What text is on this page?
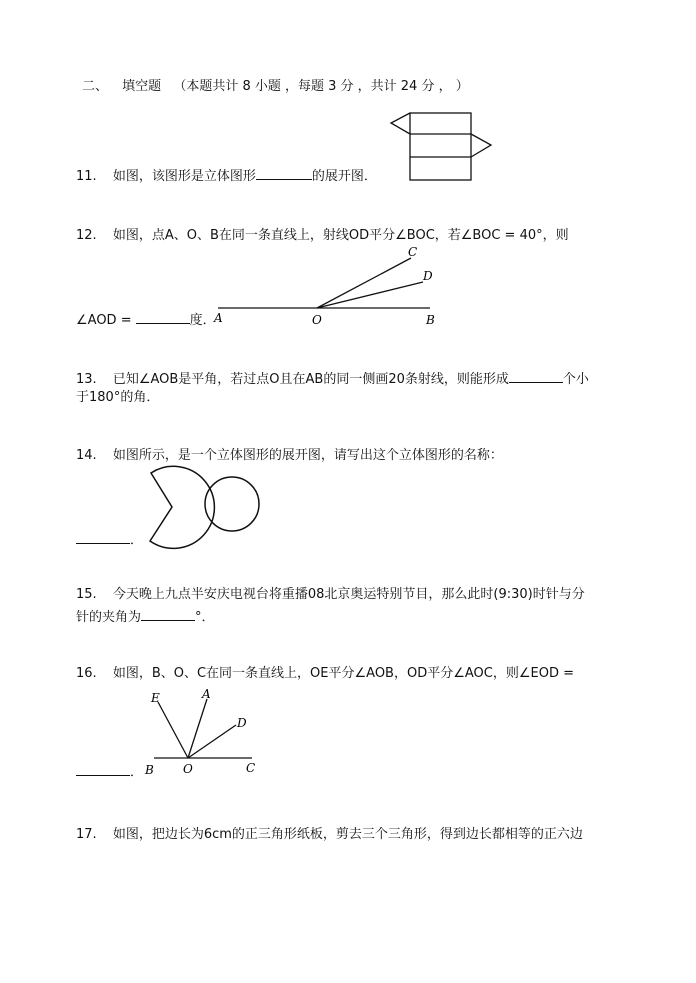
二、 填空题 （本题共计 8 小题 ，每题 3 分 ，共计 24 分 ， ）
11. 如图，该图形是立体图形	的展开图．
12. 如图，点A、O、B在同一条直线上，射线OD平分∠BOC，若∠BOC = 40°，则
A	O	B
C
D
∠AOD =	度．
13. 已知∠AOB是平角，若过点O且在AB的同一侧画20条射线，则能形成	个小
于180°的角．
14. 如图所示，是一个立体图形的展开图，请写出这个立体图形的名称：
．
15. 今天晚上九点半安庆电视台将重播08北京奥运特别节目，那么此时(9:30)时针与分
针的夹角为	°．
16. 如图，B、O、C在同一条直线上，OE平分∠AOB，OD平分∠AOC，则∠EOD =
E	A
D
B O	C
．
17. 如图，把边长为6cm的正三角形纸板，剪去三个三角形，得到边长都相等的正六边
